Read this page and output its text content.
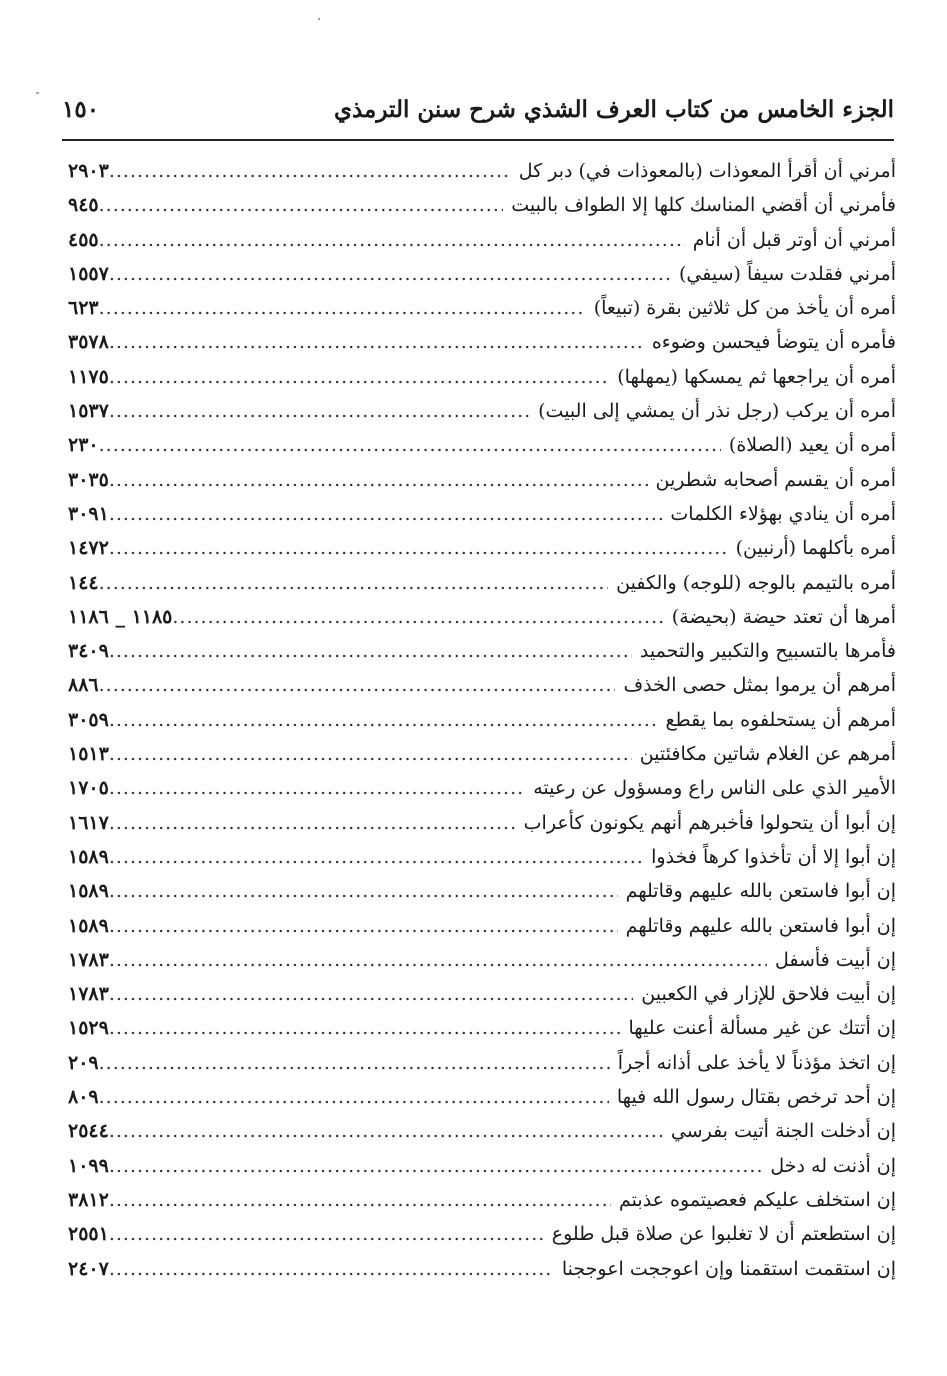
الجزء الخامس من كتاب العرف الشذي شرح سنن الترمذي
١٥٠
أمرني أن أقرأ المعوذات (بالمعوذات في) دبر كل
.....
٢٩٠٣
فأمرني أن أقضي المناسك كلها إلا الطواف بالبيت
.....
٩٤٥
أمرني أن أوتر قبل أن أنام
.....
٤٥٥
أمرني فقلدت سيفاً (سيفي)
.....
١٥٥٧
أمره أن يأخذ من كل ثلاثين بقرة (تبيعاً)
.....
٦٢٣
فأمره أن يتوضأ فيحسن وضوءه
.....
٣٥٧٨
أمره أن يراجعها ثم يمسكها (يمهلها)
.....
١١٧٥
أمره أن يركب (رجل نذر أن يمشي إلى البيت)
.....
١٥٣٧
أمره أن يعيد (الصلاة)
.....
٢٣٠
أمره أن يقسم أصحابه شطرين
.....
٣٠٣٥
أمره أن ينادي بهؤلاء الكلمات
.....
٣٠٩١
أمره بأكلهما (أرنبين)
.....
١٤٧٢
أمره بالتيمم بالوجه (للوجه) والكفين
.....
١٤٤
أمرها أن تعتد حيضة (بحيضة)
.....
١١٨٥ _ ١١٨٦
فأمرها بالتسبيح والتكبير والتحميد
.....
٣٤٠٩
أمرهم أن يرموا بمثل حصى الخذف
.....
٨٨٦
أمرهم أن يستحلفوه بما يقطع
.....
٣٠٥٩
أمرهم عن الغلام شاتين مكافئتين
.....
١٥١٣
الأمير الذي على الناس راع ومسؤول عن رعيته
.....
١٧٠٥
إن أبوا أن يتحولوا فأخبرهم أنهم يكونون كأعراب
.....
١٦١٧
إن أبوا إلا أن تأخذوا كرهاً فخذوا
.....
١٥٨٩
إن أبوا فاستعن بالله عليهم وقاتلهم
.....
١٥٨٩
إن أبوا فاستعن بالله عليهم وقاتلهم
.....
١٥٨٩
إن أبيت فأسفل
.....
١٧٨٣
إن أبيت فلاحق للإزار في الكعبين
.....
١٧٨٣
إن أتتك عن غير مسألة أعنت عليها
.....
١٥٢٩
إن اتخذ مؤذناً لا يأخذ على أذانه أجراً
.....
٢٠٩
إن أحد ترخص بقتال رسول الله فيها
.....
٨٠٩
إن أدخلت الجنة أتيت بفرسي
.....
٢٥٤٤
إن أذنت له دخل
.....
١٠٩٩
إن استخلف عليكم فعصيتموه عذبتم
.....
٣٨١٢
إن استطعتم أن لا تغلبوا عن صلاة قبل طلوع
.....
٢٥٥١
إن استقمت استقمنا وإن اعوججت اعوججنا
.....
٢٤٠٧
